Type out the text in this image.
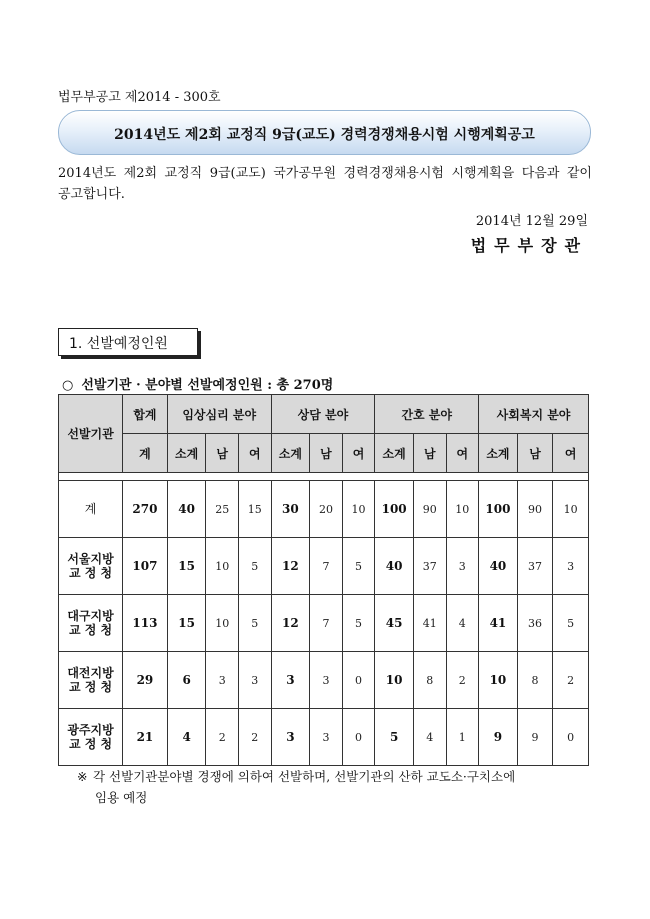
법무부공고 제2014 - 300호
2014년도 제2회 교정직 9급(교도) 경력경쟁채용시험 시행계획공고
2014년도 제2회 교정직 9급(교도) 국가공무원 경력경쟁채용시험 시행계획을 다음과 같이 공고합니다.
2014년 12월 29일
법무부장관
1. 선발예정인원
○ 선발기관 · 분야별 선발예정인원 : 총 270명
선발기관	합계	임상심리 분야			상담 분야			간호 분야			사회복지 분야		
	계	소계	남	여	소계	남	여	소계	남	여	소계	남	여

계	270	40	25	15	30	20	10	100	90	10	100	90	10

서울지방
교 정 청	107	15	10	5	12	7	5	40	37	3	40	37	3

대구지방
교 정 청	113	15	10	5	12	7	5	45	41	4	41	36	5

대전지방
교 정 청	29	6	3	3	3	3	0	10	8	2	10	8	2

광주지방
교 정 청	21	4	2	2	3	3	0	5	4	1	9	9	0
※ 각 선발기관분야별 경쟁에 의하여 선발하며, 선발기관의 산하 교도소·구치소에
임용 예정
